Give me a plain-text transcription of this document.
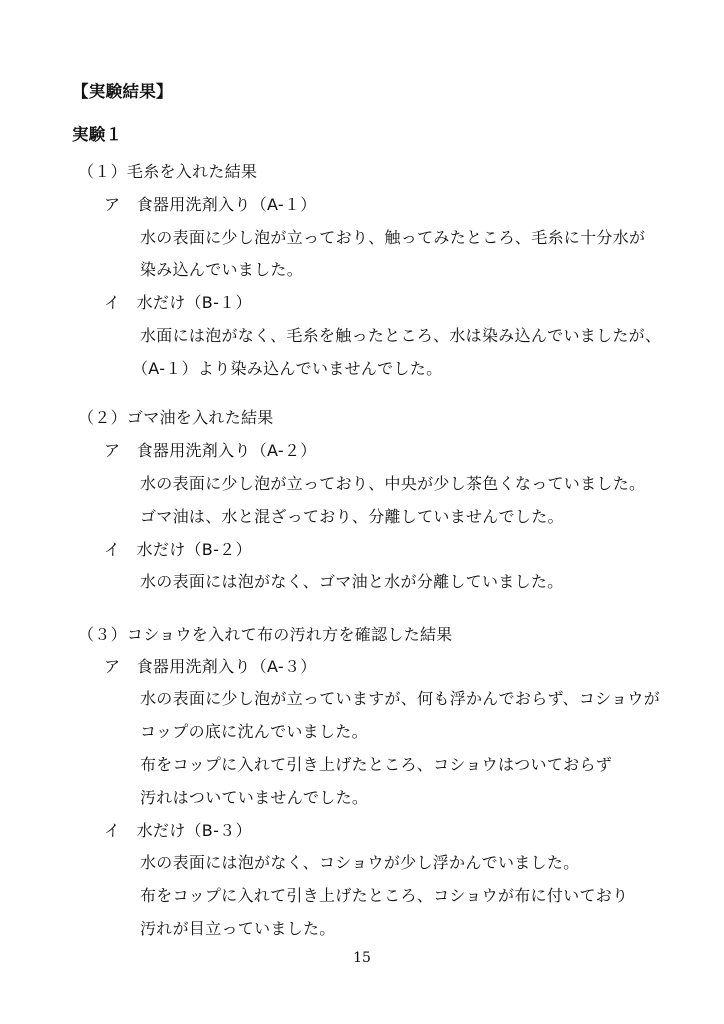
【実験結果】
実験１
（１）毛糸を入れた結果
ア　食器用洗剤入り（A-１）
水の表面に少し泡が立っており、触ってみたところ、毛糸に十分水が
染み込んでいました。
イ　水だけ（B-１）
水面には泡がなく、毛糸を触ったところ、水は染み込んでいましたが、
（A-１）より染み込んでいませんでした。
（２）ゴマ油を入れた結果
ア　食器用洗剤入り（A-２）
水の表面に少し泡が立っており、中央が少し茶色くなっていました。
ゴマ油は、水と混ざっており、分離していませんでした。
イ　水だけ（B-２）
水の表面には泡がなく、ゴマ油と水が分離していました。
（３）コショウを入れて布の汚れ方を確認した結果
ア　食器用洗剤入り（A-３）
水の表面に少し泡が立っていますが、何も浮かんでおらず、コショウが
コップの底に沈んでいました。
布をコップに入れて引き上げたところ、コショウはついておらず
汚れはついていませんでした。
イ　水だけ（B-３）
水の表面には泡がなく、コショウが少し浮かんでいました。
布をコップに入れて引き上げたところ、コショウが布に付いており
汚れが目立っていました。
15
